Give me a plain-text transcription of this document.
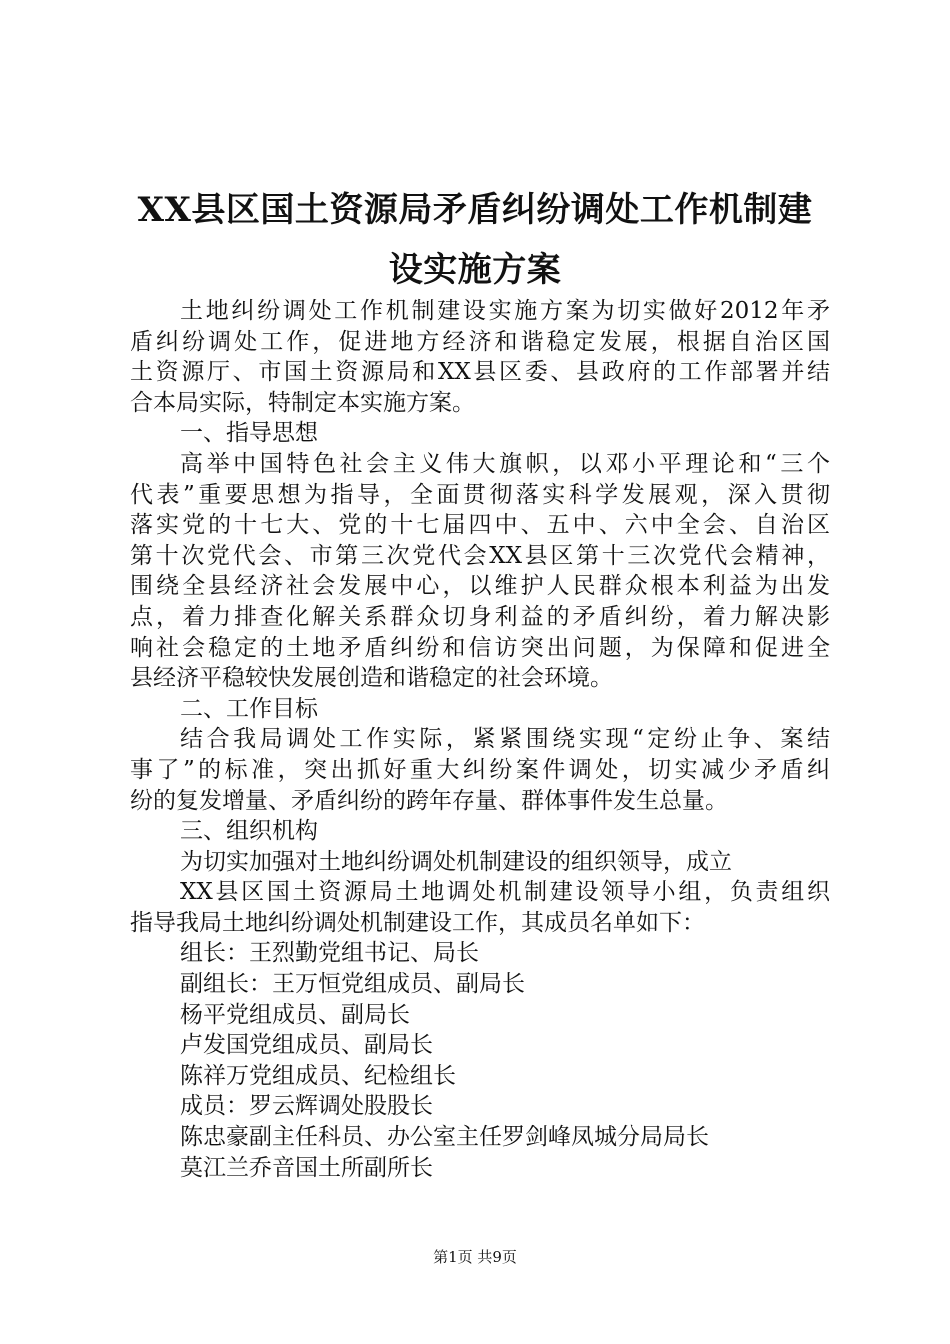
XX县区国土资源局矛盾纠纷调处工作机制建
设实施方案
土地纠纷调处工作机制建设实施方案为切实做好2012年矛
盾纠纷调处工作，促进地方经济和谐稳定发展，根据自治区国
土资源厅、市国土资源局和XX县区委、县政府的工作部署并结
合本局实际，特制定本实施方案。
一、指导思想
高举中国特色社会主义伟大旗帜，以邓小平理论和“三个
代表”重要思想为指导，全面贯彻落实科学发展观，深入贯彻
落实党的十七大、党的十七届四中、五中、六中全会、自治区
第十次党代会、市第三次党代会XX县区第十三次党代会精神，
围绕全县经济社会发展中心，以维护人民群众根本利益为出发
点，着力排查化解关系群众切身利益的矛盾纠纷，着力解决影
响社会稳定的土地矛盾纠纷和信访突出问题，为保障和促进全
县经济平稳较快发展创造和谐稳定的社会环境。
二、工作目标
结合我局调处工作实际，紧紧围绕实现“定纷止争、案结
事了”的标准，突出抓好重大纠纷案件调处，切实减少矛盾纠
纷的复发增量、矛盾纠纷的跨年存量、群体事件发生总量。
三、组织机构
为切实加强对土地纠纷调处机制建设的组织领导，成立
XX县区国土资源局土地调处机制建设领导小组，负责组织
指导我局土地纠纷调处机制建设工作，其成员名单如下：
组长：王烈勤党组书记、局长
副组长：王万恒党组成员、副局长
杨平党组成员、副局长
卢发国党组成员、副局长
陈祥万党组成员、纪检组长
成员：罗云辉调处股股长
陈忠豪副主任科员、办公室主任罗剑峰凤城分局局长
莫江兰乔音国土所副所长
第1页 共9页
